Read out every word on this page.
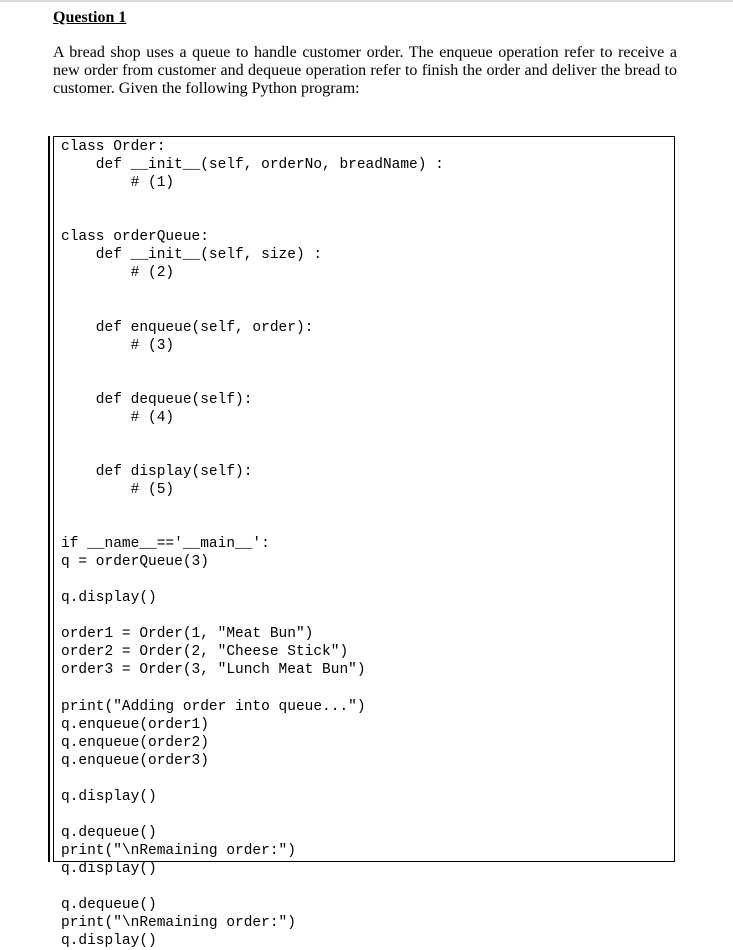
Question 1

A bread shop uses a queue to handle customer order. The enqueue operation refer to receive a new order from customer and dequeue operation refer to finish the order and deliver the bread to customer. Given the following Python program:

class Order:
def __init__(self, orderNo, breadName) :
# (1)
class orderQueue:
def __init__(self, size) :
# (2)
def enqueue(self, order):
# (3)
def dequeue(self):
# (4)
def display(self):
# (5)
if __name__=='__main__':
q = orderQueue(3)
q.display()
order1 = Order(1, "Meat Bun")
order2 = Order(2, "Cheese Stick")
order3 = Order(3, "Lunch Meat Bun")
print("Adding order into queue...")
q.enqueue(order1)
q.enqueue(order2)
q.enqueue(order3)
q.display()
q.dequeue()
print("\nRemaining order:")
q.display()
q.dequeue()
print("\nRemaining order:")
q.display()
